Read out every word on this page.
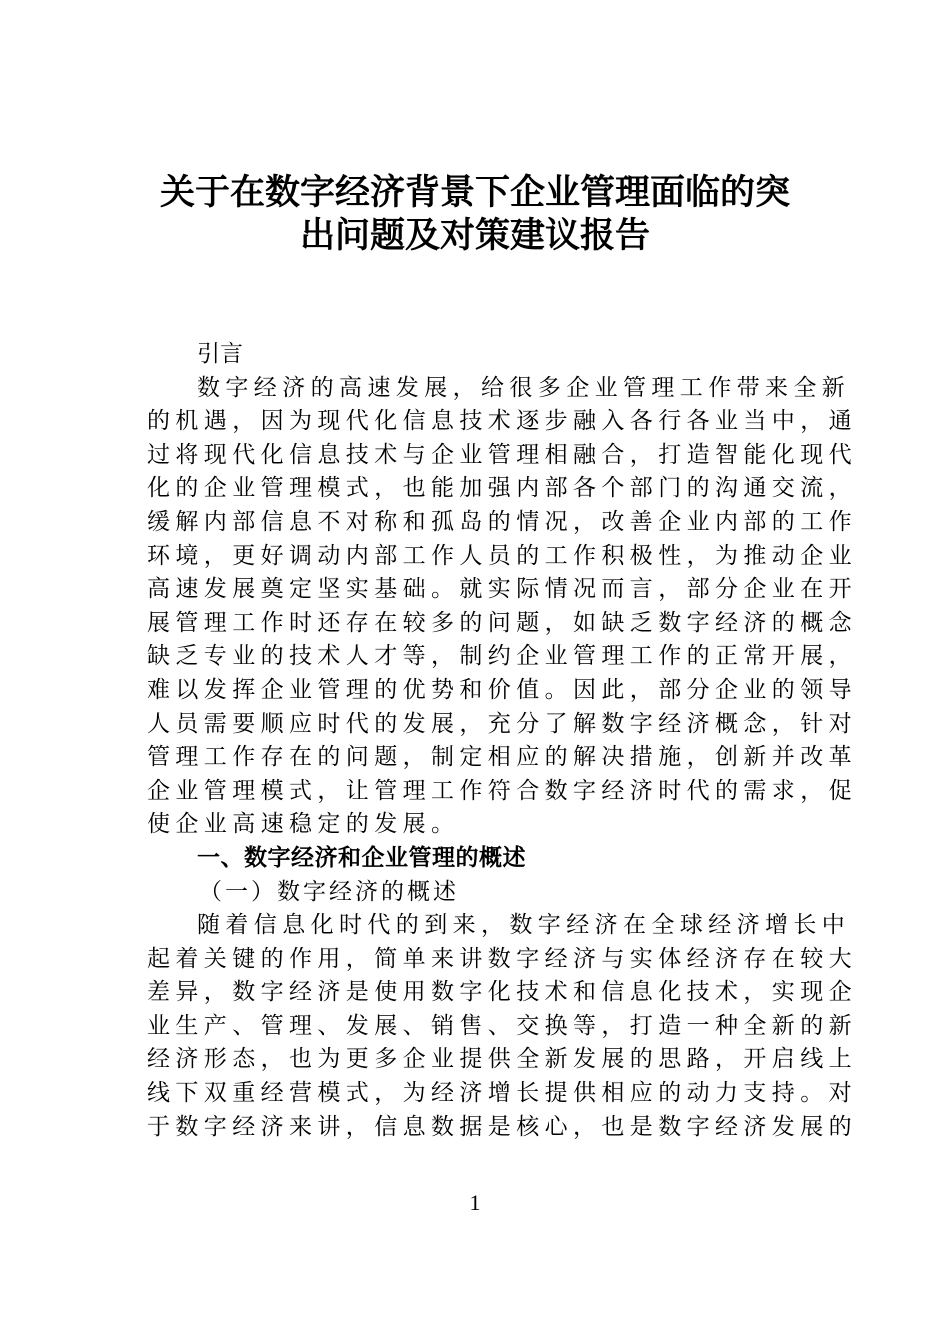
关于在数字经济背景下企业管理面临的突
出问题及对策建议报告
引言
数字经济的高速发展，给很多企业管理工作带来全新
的机遇，因为现代化信息技术逐步融入各行各业当中，通
过将现代化信息技术与企业管理相融合，打造智能化现代
化的企业管理模式，也能加强内部各个部门的沟通交流，
缓解内部信息不对称和孤岛的情况，改善企业内部的工作
环境，更好调动内部工作人员的工作积极性，为推动企业
高速发展奠定坚实基础。就实际情况而言，部分企业在开
展管理工作时还存在较多的问题，如缺乏数字经济的概念
缺乏专业的技术人才等，制约企业管理工作的正常开展，
难以发挥企业管理的优势和价值。因此，部分企业的领导
人员需要顺应时代的发展，充分了解数字经济概念，针对
管理工作存在的问题，制定相应的解决措施，创新并改革
企业管理模式，让管理工作符合数字经济时代的需求，促
使企业高速稳定的发展。
一、数字经济和企业管理的概述
（一）数字经济的概述
随着信息化时代的到来，数字经济在全球经济增长中
起着关键的作用，简单来讲数字经济与实体经济存在较大
差异，数字经济是使用数字化技术和信息化技术，实现企
业生产、管理、发展、销售、交换等，打造一种全新的新
经济形态，也为更多企业提供全新发展的思路，开启线上
线下双重经营模式，为经济增长提供相应的动力支持。对
于数字经济来讲，信息数据是核心，也是数字经济发展的
1
